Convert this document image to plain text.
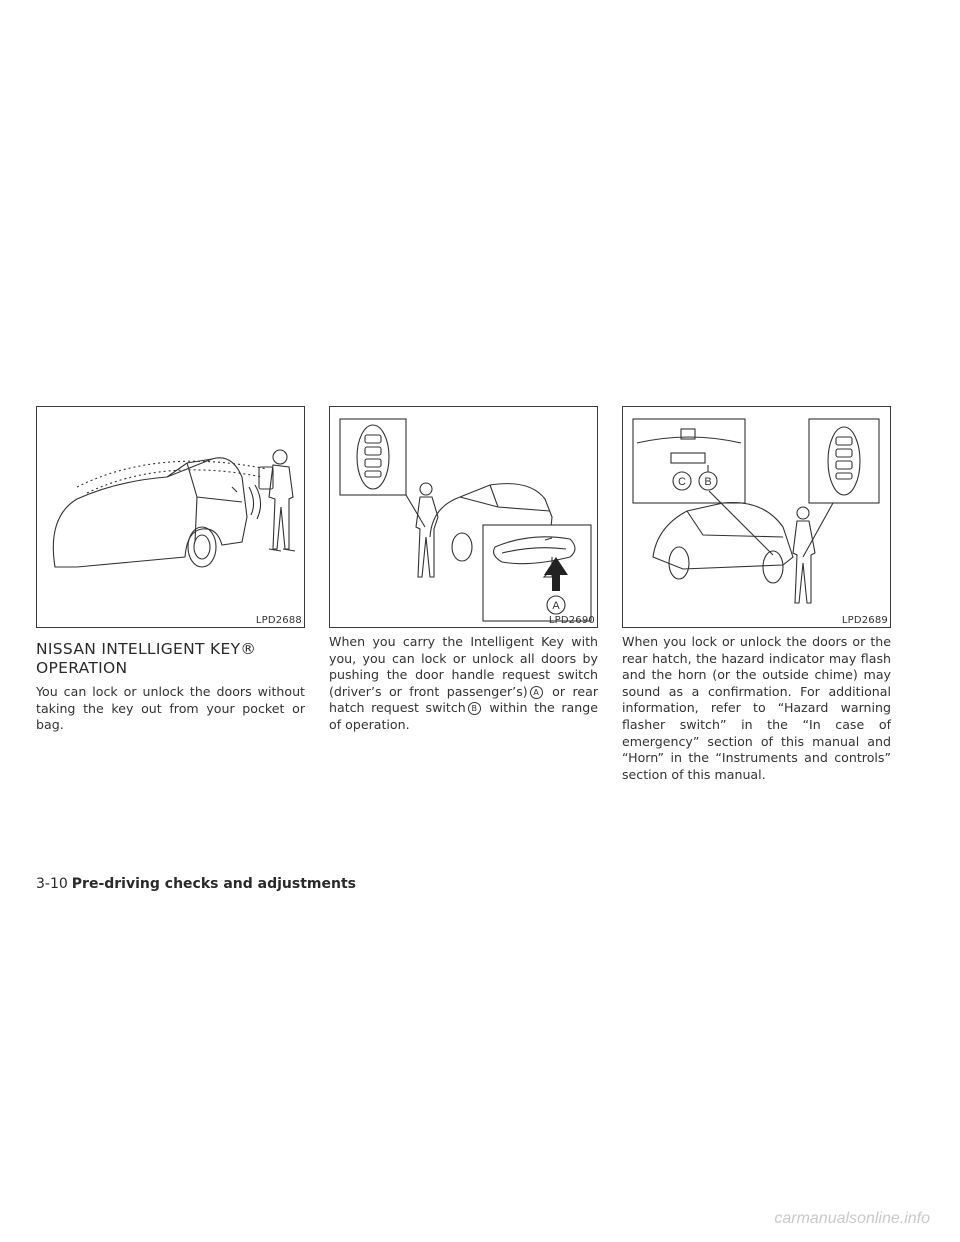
LPD2688
NISSAN INTELLIGENT KEY®
OPERATION

You can lock or unlock the doors without taking the key out from your pocket or bag.

A
LPD2690

When you carry the Intelligent Key with you, you can lock or unlock all doors by pushing the door handle request switch (driver’s or front passenger’s) A or rear hatch request switch B within the range of operation.

C B
LPD2689

When you lock or unlock the doors or the rear hatch, the hazard indicator may flash and the horn (or the outside chime) may sound as a confirmation. For additional information, refer to “Hazard warning flasher switch” in the “In case of emergency” section of this manual and “Horn” in the “Instruments and controls” section of this manual.

3-10 Pre-driving checks and adjustments
carmanualsonline.info
